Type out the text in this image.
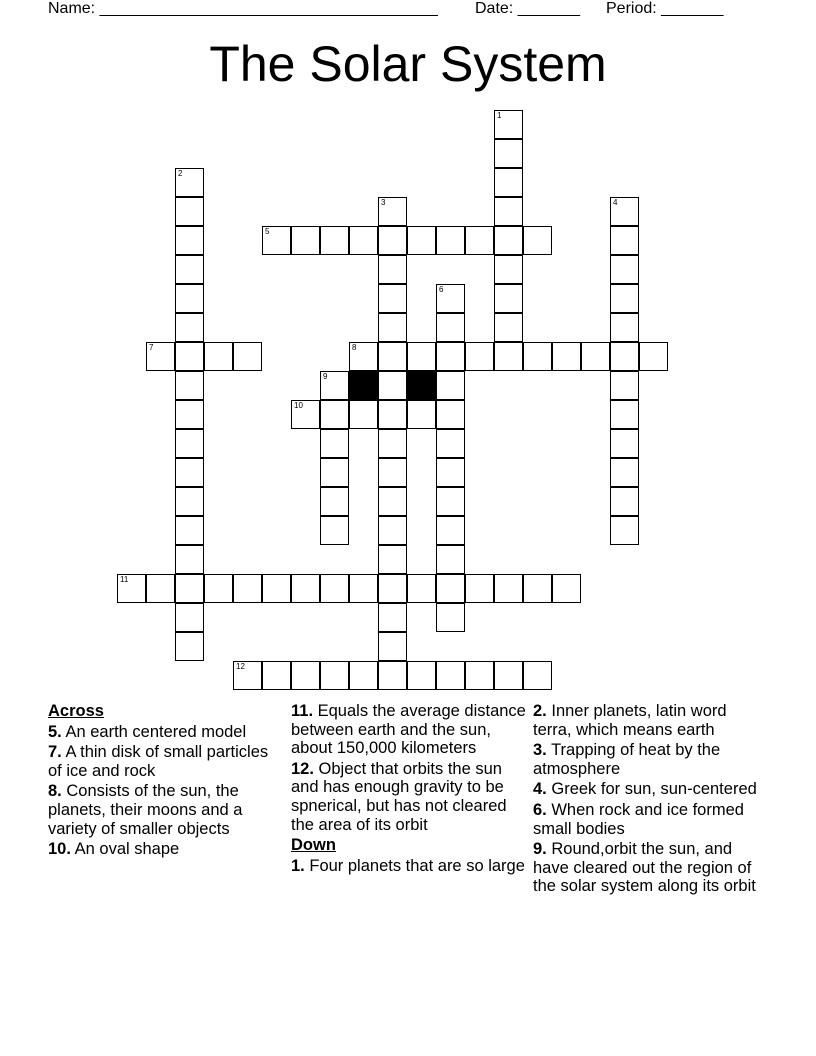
Name: ______________________________________ Date: _______ Period: _______
The Solar System
1
2
3	4
5
6
7	8
9
10
11
12
Across
5. An earth centered model
7. A thin disk of small particles of ice and rock
8. Consists of the sun, the planets, their moons and a variety of smaller objects
10. An oval shape
11. Equals the average distance between earth and the sun, about 150,000 kilometers
12. Object that orbits the sun and has enough gravity to be spnerical, but has not cleared the area of its orbit
Down
1. Four planets that are so large
2. Inner planets, latin word terra, which means earth
3. Trapping of heat by the atmosphere
4. Greek for sun, sun-centered
6. When rock and ice formed small bodies
9. Round,orbit the sun, and have cleared out the region of the solar system along its orbit
